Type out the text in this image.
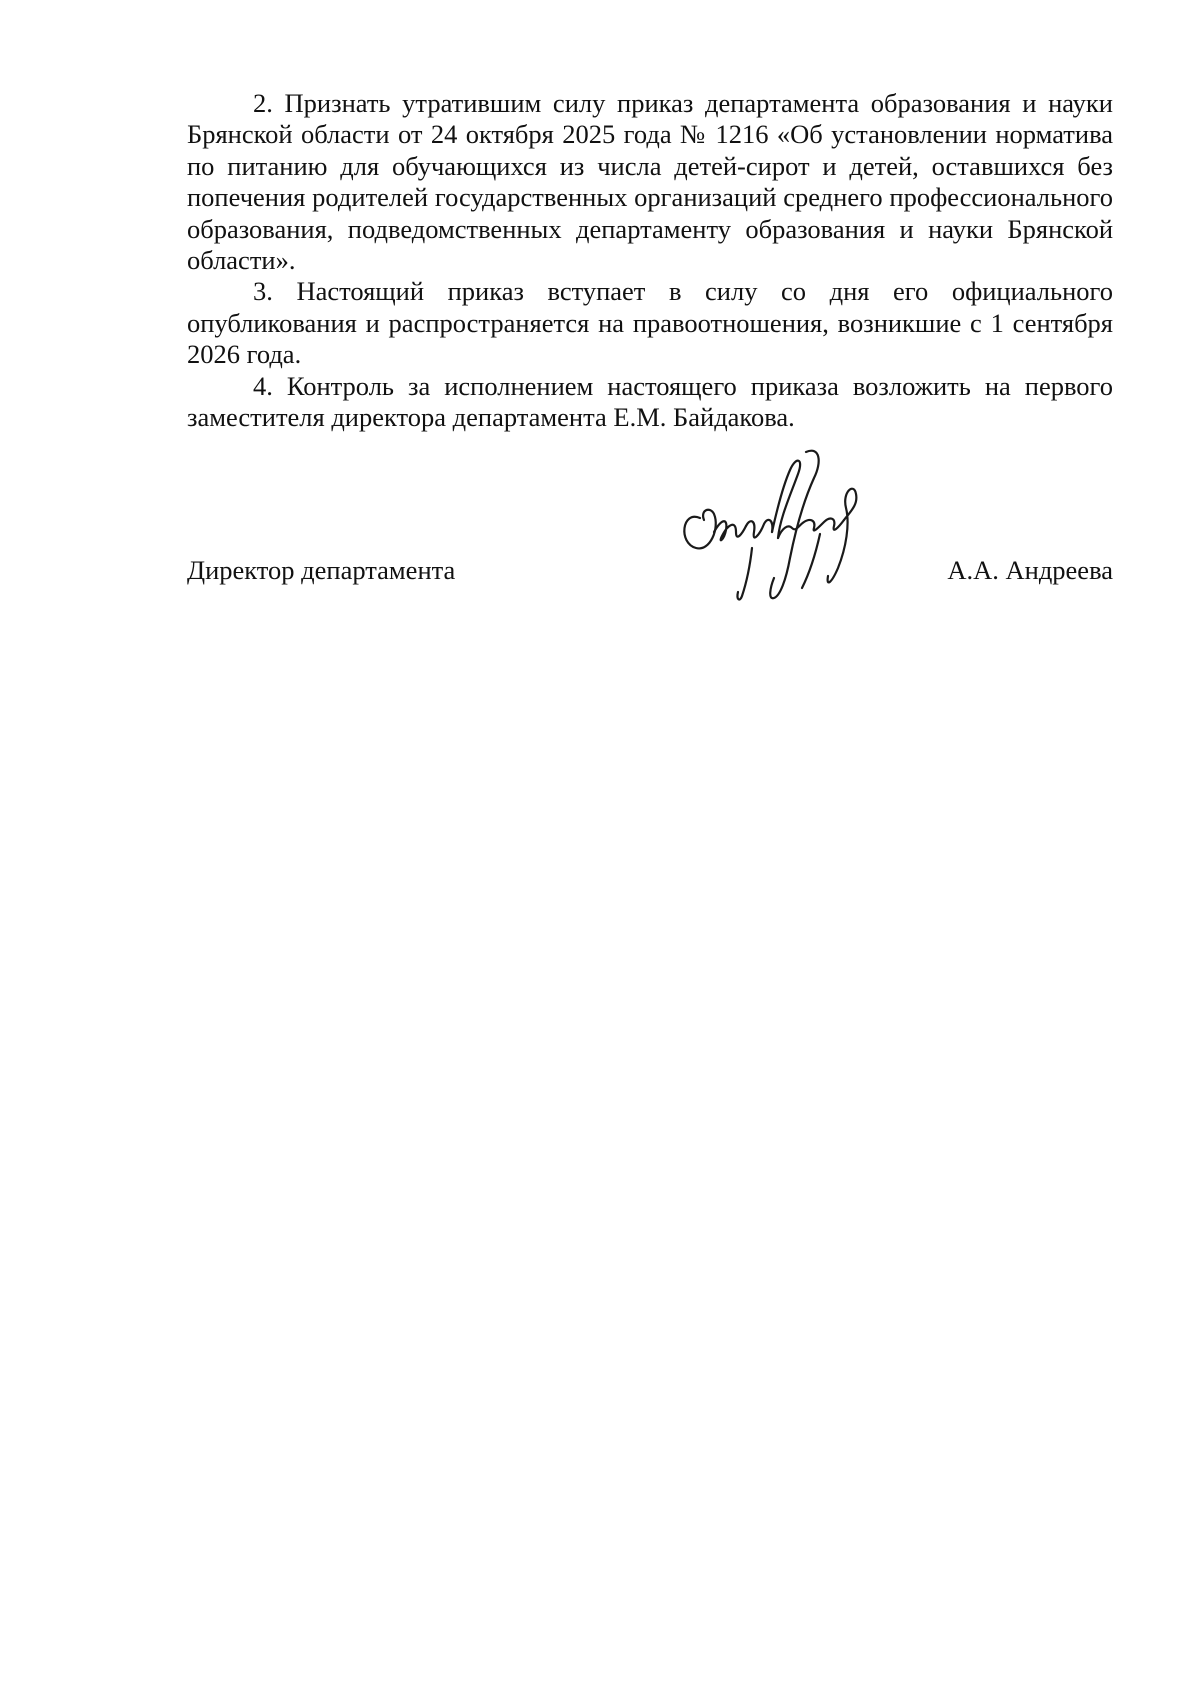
2. Признать утратившим силу приказ департамента образования и науки Брянской области от 24 октября 2025 года № 1216 «Об установлении норматива по питанию для обучающихся из числа детей-сирот и детей, оставшихся без попечения родителей государственных организаций среднего профессионального образования, подведомственных департаменту образования и науки Брянской области».

3. Настоящий приказ вступает в силу со дня его официального опубликования и распространяется на правоотношения, возникшие с 1 сентября 2026 года.

4. Контроль за исполнением настоящего приказа возложить на первого заместителя директора департамента Е.М. Байдакова.

Директор департамента	А.А. Андреева
